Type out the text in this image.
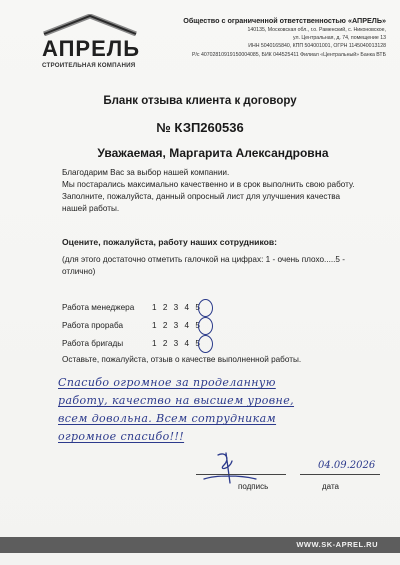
АПРЕЛЬ
СТРОИТЕЛЬНАЯ КОМПАНИЯ
Общество с ограниченной ответственностью «АПРЕЛЬ»
140135, Московская обл., г.о. Раменский, с. Никоновское,
ул. Центральная, д. 74, помещение 13
ИНН 5040165840, КПП 504001001, ОГРН 1145040013128
Р/с 40702810919150004085, БИК 044525411 Филиал «Центральный» Банка ВТБ
Бланк отзыва клиента к договору
№ КЗП260536
Уважаемая, Маргарита Александровна
Благодарим Вас за выбор нашей компании.
Мы постарались максимально качественно и в срок выполнить свою работу.
Заполните, пожалуйста, данный опросный лист для улучшения качества
нашей работы.
Оцените, пожалуйста, работу наших сотрудников:
(для этого достаточно отметить галочкой на цифрах: 1 - очень плохо.....5 -
отлично)
Работа менеджера	1 2 3 4 5
Работа прораба	1 2 3 4 5
Работа бригады	1 2 3 4 5
Оставьте, пожалуйста, отзыв о качестве выполненной работы.
Спасибо огромное за проделанную
работу, качество на высшем уровне,
всем довольна. Всем сотрудникам
огромное спасибо!!!
04.09.2026
подпись	дата
WWW.SK-APREL.RU
